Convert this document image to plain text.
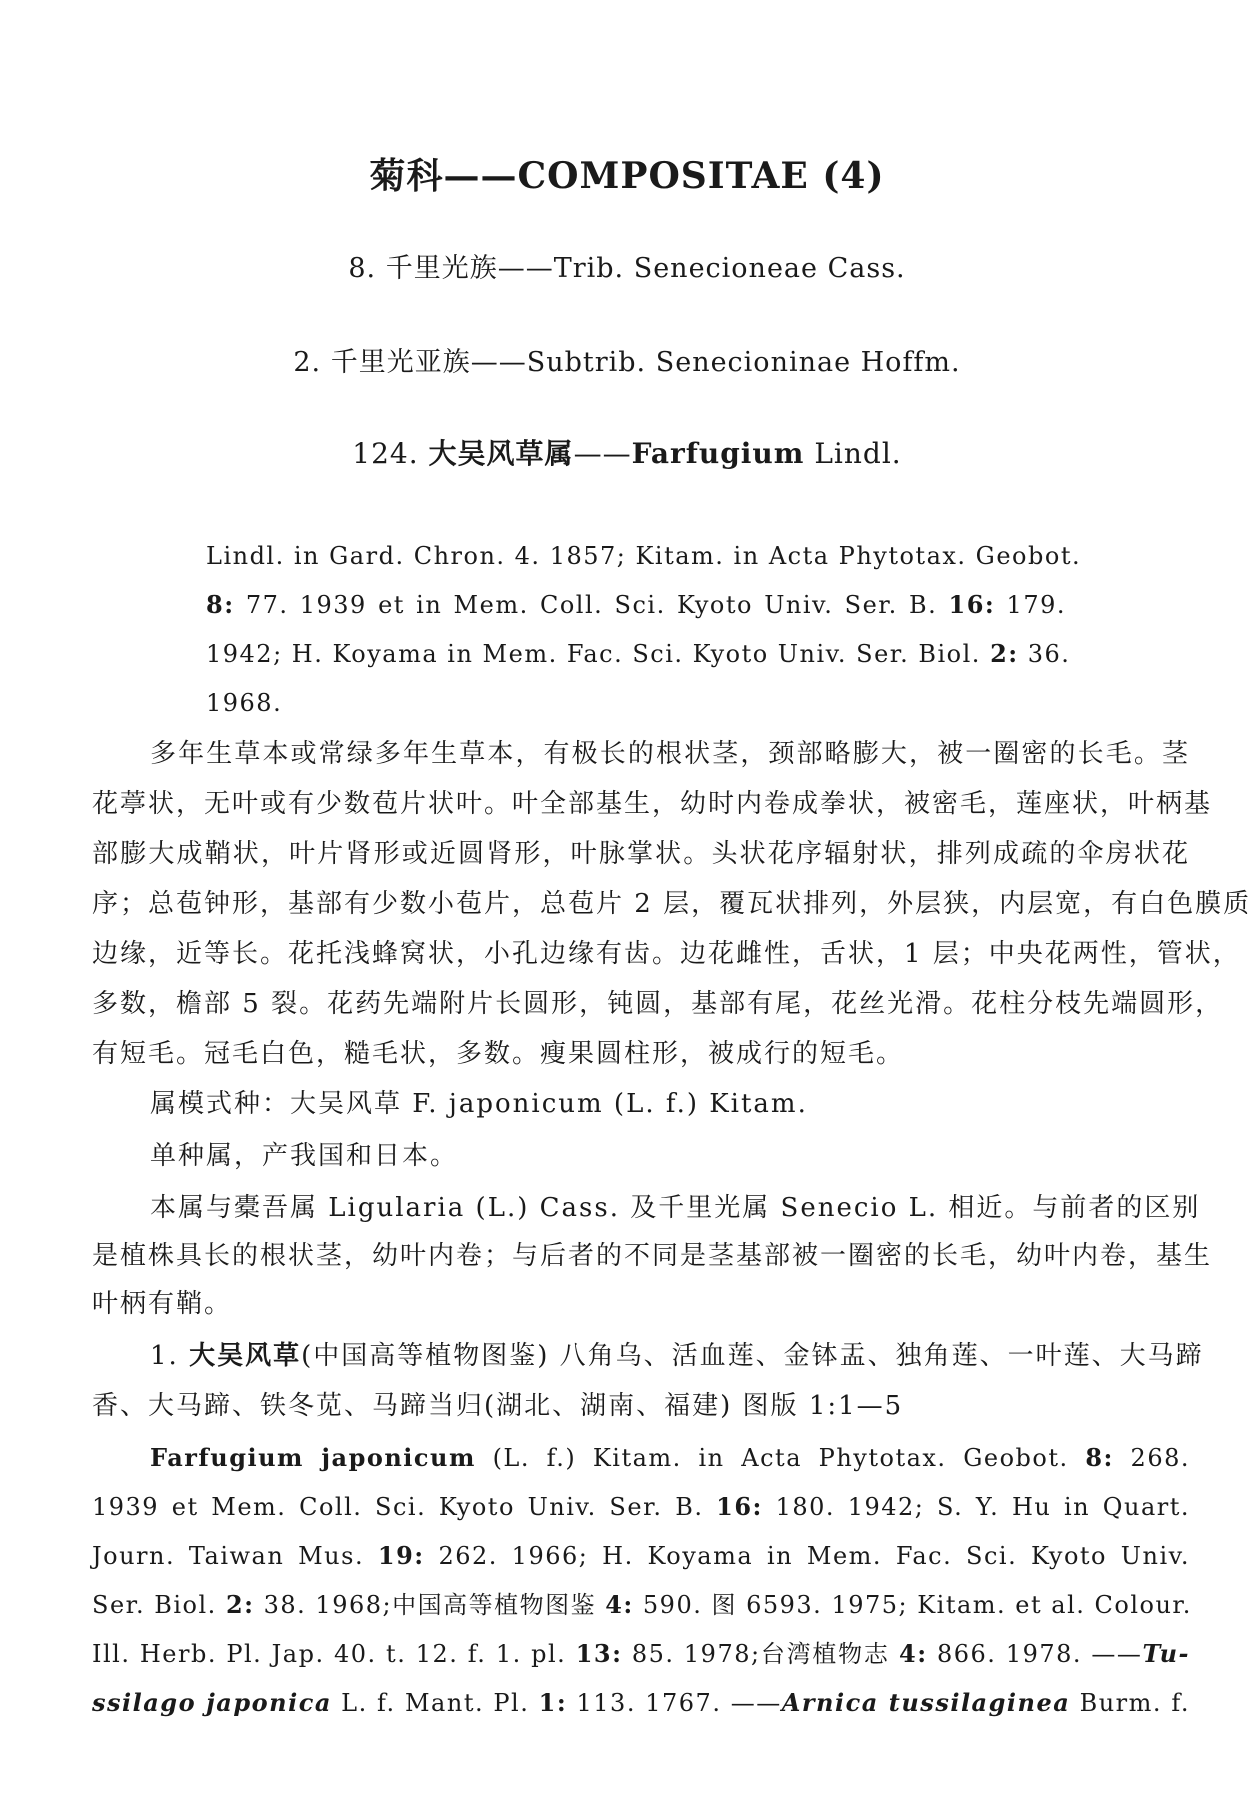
菊科——COMPOSITAE (4)
8. 千里光族——Trib. Senecioneae Cass.
2. 千里光亚族——Subtrib. Senecioninae Hoffm.
124. 大吴风草属——Farfugium Lindl.
Lindl. in Gard. Chron. 4. 1857; Kitam. in Acta Phytotax. Geobot.
8: 77. 1939 et in Mem. Coll. Sci. Kyoto Univ. Ser. B. 16: 179.
1942; H. Koyama in Mem. Fac. Sci. Kyoto Univ. Ser. Biol. 2: 36.
1968.
多年生草本或常绿多年生草本，有极长的根状茎，颈部略膨大，被一圈密的长毛。茎
花葶状，无叶或有少数苞片状叶。叶全部基生，幼时内卷成拳状，被密毛，莲座状，叶柄基
部膨大成鞘状，叶片肾形或近圆肾形，叶脉掌状。头状花序辐射状，排列成疏的伞房状花
序；总苞钟形，基部有少数小苞片，总苞片 2 层，覆瓦状排列，外层狭，内层宽，有白色膜质
边缘，近等长。花托浅蜂窝状，小孔边缘有齿。边花雌性，舌状，1 层；中央花两性，管状，
多数，檐部 5 裂。花药先端附片长圆形，钝圆，基部有尾，花丝光滑。花柱分枝先端圆形，
有短毛。冠毛白色，糙毛状，多数。瘦果圆柱形，被成行的短毛。
属模式种：大吴风草 F. japonicum (L. f.) Kitam.
单种属，产我国和日本。
本属与橐吾属 Ligularia (L.) Cass. 及千里光属 Senecio L. 相近。与前者的区别
是植株具长的根状茎，幼叶内卷；与后者的不同是茎基部被一圈密的长毛，幼叶内卷，基生
叶柄有鞘。
1. 大吴风草(中国高等植物图鉴) 八角乌、活血莲、金钵盂、独角莲、一叶莲、大马蹄
香、大马蹄、铁冬苋、马蹄当归(湖北、湖南、福建) 图版 1:1—5
Farfugium japonicum (L. f.) Kitam. in Acta Phytotax. Geobot. 8: 268.
1939 et Mem. Coll. Sci. Kyoto Univ. Ser. B. 16: 180. 1942; S. Y. Hu in Quart.
Journ. Taiwan Mus. 19: 262. 1966; H. Koyama in Mem. Fac. Sci. Kyoto Univ.
Ser. Biol. 2: 38. 1968;中国高等植物图鉴 4: 590. 图 6593. 1975; Kitam. et al. Colour.
Ill. Herb. Pl. Jap. 40. t. 12. f. 1. pl. 13: 85. 1978;台湾植物志 4: 866. 1978. ——Tu-
ssilago japonica L. f. Mant. Pl. 1: 113. 1767. ——Arnica tussilaginea Burm. f.
